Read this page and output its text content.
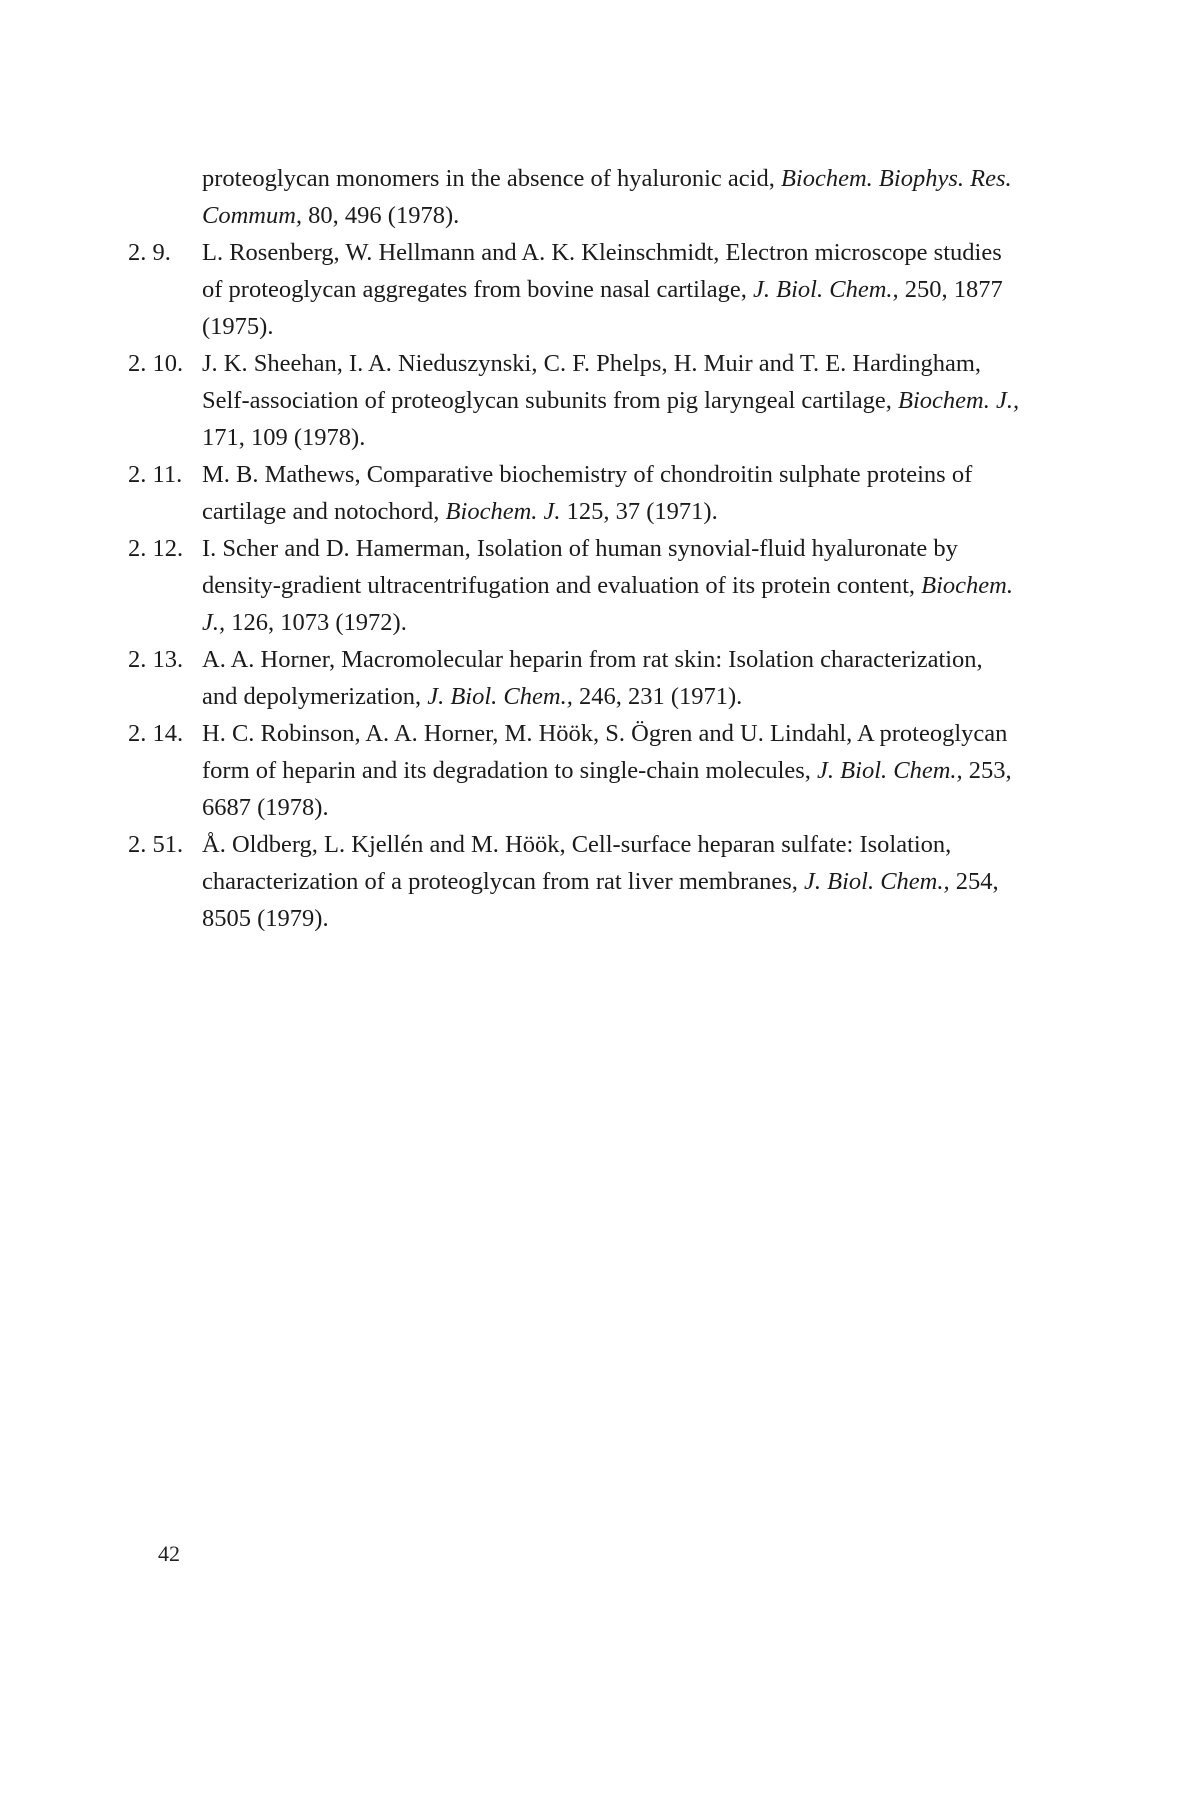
proteoglycan monomers in the absence of hyaluronic acid, Biochem. Biophys. Res. Commum, 80, 496 (1978).

2. 9.	L. Rosenberg, W. Hellmann and A. K. Kleinschmidt, Electron microscope studies of proteoglycan aggregates from bovine nasal cartilage, J. Biol. Chem., 250, 1877 (1975).

2. 10. J. K. Sheehan, I. A. Nieduszynski, C. F. Phelps, H. Muir and T. E. Hardingham, Self-association of proteoglycan subunits from pig laryngeal cartilage, Biochem. J., 171, 109 (1978).

2. 11. M. B. Mathews, Comparative biochemistry of chondroitin sulphate proteins of cartilage and notochord, Biochem. J. 125, 37 (1971).

2. 12. I. Scher and D. Hamerman, Isolation of human synovial-fluid hyaluronate by density-gradient ultracentrifugation and evaluation of its protein content, Biochem. J., 126, 1073 (1972).

2. 13. A. A. Horner, Macromolecular heparin from rat skin: Isolation characterization, and depolymerization, J. Biol. Chem., 246, 231 (1971).

2. 14. H. C. Robinson, A. A. Horner, M. Höök, S. Ögren and U. Lindahl, A proteoglycan form of heparin and its degradation to single-chain molecules, J. Biol. Chem., 253, 6687 (1978).

2. 51. Å. Oldberg, L. Kjellén and M. Höök, Cell-surface heparan sulfate: Isolation, characterization of a proteoglycan from rat liver membranes, J. Biol. Chem., 254, 8505 (1979).

42
